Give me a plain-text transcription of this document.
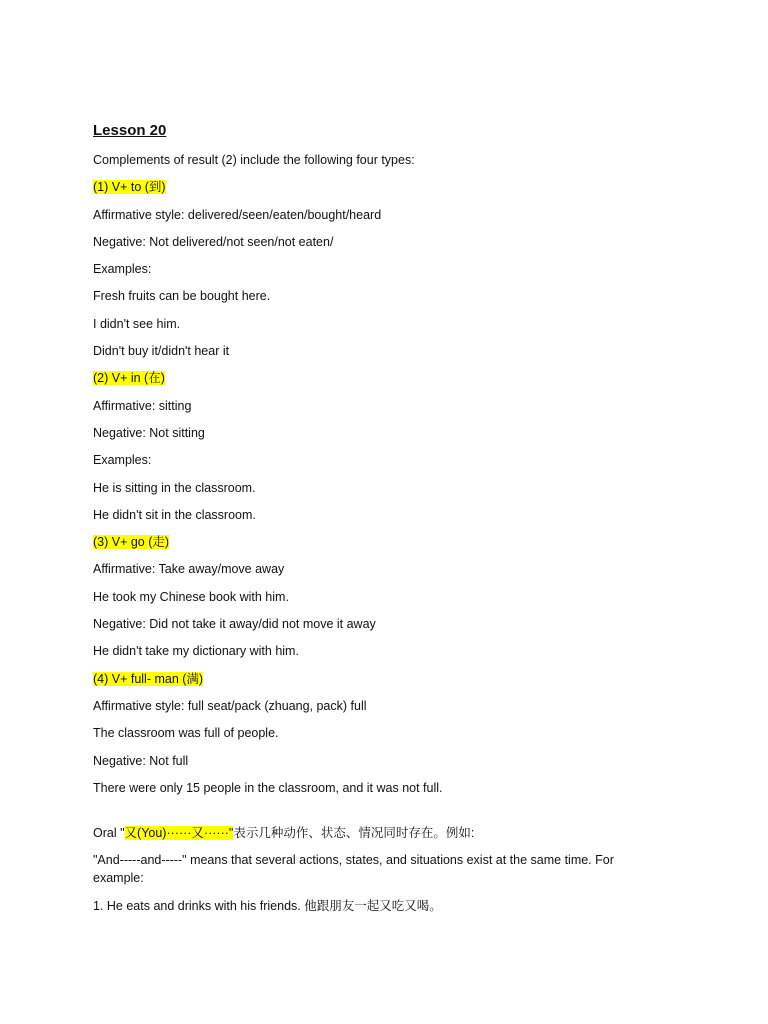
Lesson 20
Complements of result (2) include the following four types:
(1) V+ to (到)
Affirmative style: delivered/seen/eaten/bought/heard
Negative: Not delivered/not seen/not eaten/
Examples:
Fresh fruits can be bought here.
I didn't see him.
Didn't buy it/didn't hear it
(2) V+ in (在)
Affirmative: sitting
Negative: Not sitting
Examples:
He is sitting in the classroom.
He didn't sit in the classroom.
(3) V+ go (走)
Affirmative: Take away/move away
He took my Chinese book with him.
Negative: Did not take it away/did not move it away
He didn't take my dictionary with him.
(4) V+ full- man (满)
Affirmative style: full seat/pack (zhuang, pack) full
The classroom was full of people.
Negative: Not full
There were only 15 people in the classroom, and it was not full.
Oral "又(You)······又······"表示几种动作、状态、情况同时存在。例如:
"And-----and-----" means that several actions, states, and situations exist at the same time. For example:
1. He eats and drinks with his friends. 他跟朋友一起又吃又喝。
